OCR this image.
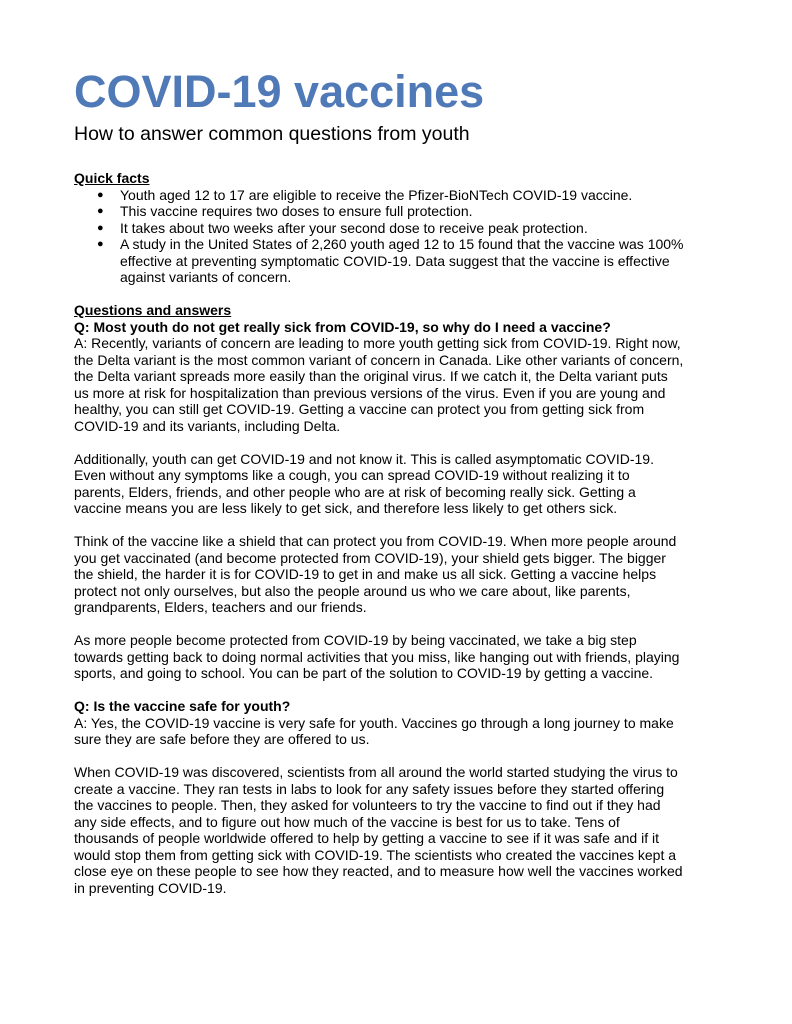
COVID-19 vaccines
How to answer common questions from youth
Quick facts
● Youth aged 12 to 17 are eligible to receive the Pfizer-BioNTech COVID-19 vaccine.
● This vaccine requires two doses to ensure full protection.
● It takes about two weeks after your second dose to receive peak protection.
● A study in the United States of 2,260 youth aged 12 to 15 found that the vaccine was 100% effective at preventing symptomatic COVID-19. Data suggest that the vaccine is effective against variants of concern.
Questions and answers
Q: Most youth do not get really sick from COVID-19, so why do I need a vaccine?

A: Recently, variants of concern are leading to more youth getting sick from COVID-19. Right now, the Delta variant is the most common variant of concern in Canada. Like other variants of concern, the Delta variant spreads more easily than the original virus. If we catch it, the Delta variant puts us more at risk for hospitalization than previous versions of the virus. Even if you are young and healthy, you can still get COVID-19. Getting a vaccine can protect you from getting sick from COVID-19 and its variants, including Delta.

Additionally, youth can get COVID-19 and not know it. This is called asymptomatic COVID-19. Even without any symptoms like a cough, you can spread COVID-19 without realizing it to parents, Elders, friends, and other people who are at risk of becoming really sick. Getting a vaccine means you are less likely to get sick, and therefore less likely to get others sick.

Think of the vaccine like a shield that can protect you from COVID-19. When more people around you get vaccinated (and become protected from COVID-19), your shield gets bigger. The bigger the shield, the harder it is for COVID-19 to get in and make us all sick. Getting a vaccine helps protect not only ourselves, but also the people around us who we care about, like parents, grandparents, Elders, teachers and our friends.

As more people become protected from COVID-19 by being vaccinated, we take a big step towards getting back to doing normal activities that you miss, like hanging out with friends, playing sports, and going to school. You can be part of the solution to COVID-19 by getting a vaccine.

Q: Is the vaccine safe for youth?

A: Yes, the COVID-19 vaccine is very safe for youth. Vaccines go through a long journey to make sure they are safe before they are offered to us.

When COVID-19 was discovered, scientists from all around the world started studying the virus to create a vaccine. They ran tests in labs to look for any safety issues before they started offering the vaccines to people. Then, they asked for volunteers to try the vaccine to find out if they had any side effects, and to figure out how much of the vaccine is best for us to take. Tens of thousands of people worldwide offered to help by getting a vaccine to see if it was safe and if it would stop them from getting sick with COVID-19. The scientists who created the vaccines kept a close eye on these people to see how they reacted, and to measure how well the vaccines worked in preventing COVID-19.
